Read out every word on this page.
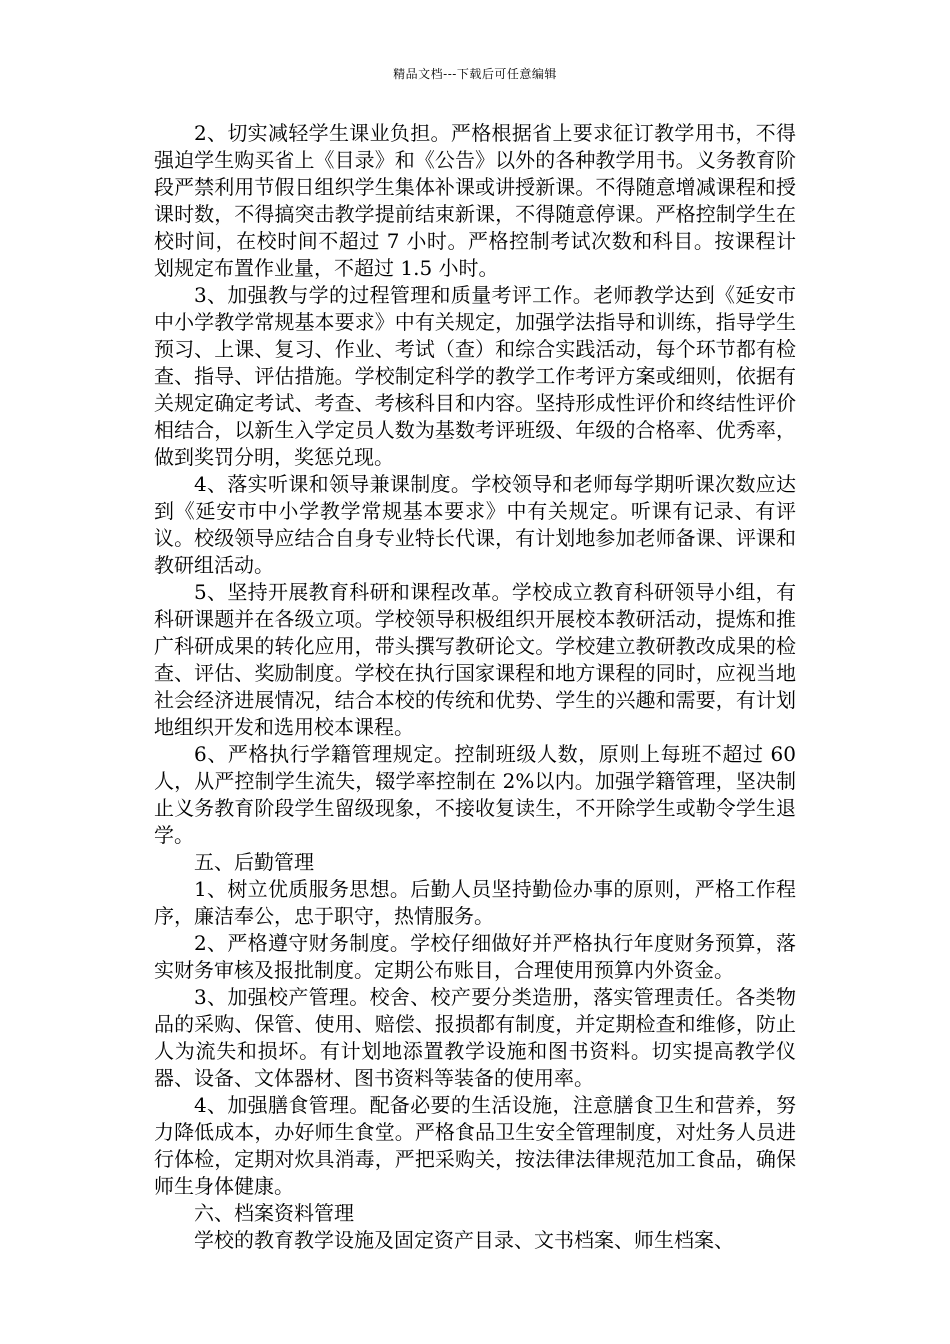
精品文档---下载后可任意编辑

2、切实减轻学生课业负担。严格根据省上要求征订教学用书，不得强迫学生购买省上《目录》和《公告》以外的各种教学用书。义务教育阶段严禁利用节假日组织学生集体补课或讲授新课。不得随意增减课程和授课时数，不得搞突击教学提前结束新课，不得随意停课。严格控制学生在校时间，在校时间不超过 7 小时。严格控制考试次数和科目。按课程计划规定布置作业量，不超过 1.5 小时。

3、加强教与学的过程管理和质量考评工作。老师教学达到《延安市中小学教学常规基本要求》中有关规定，加强学法指导和训练，指导学生预习、上课、复习、作业、考试（查）和综合实践活动，每个环节都有检查、指导、评估措施。学校制定科学的教学工作考评方案或细则，依据有关规定确定考试、考查、考核科目和内容。坚持形成性评价和终结性评价相结合，以新生入学定员人数为基数考评班级、年级的合格率、优秀率，做到奖罚分明，奖惩兑现。

4、落实听课和领导兼课制度。学校领导和老师每学期听课次数应达到《延安市中小学教学常规基本要求》中有关规定。听课有记录、有评议。校级领导应结合自身专业特长代课，有计划地参加老师备课、评课和教研组活动。

5、坚持开展教育科研和课程改革。学校成立教育科研领导小组，有科研课题并在各级立项。学校领导积极组织开展校本教研活动，提炼和推广科研成果的转化应用，带头撰写教研论文。学校建立教研教改成果的检查、评估、奖励制度。学校在执行国家课程和地方课程的同时，应视当地社会经济进展情况，结合本校的传统和优势、学生的兴趣和需要，有计划地组织开发和选用校本课程。

6、严格执行学籍管理规定。控制班级人数，原则上每班不超过 60 人，从严控制学生流失，辍学率控制在 2%以内。加强学籍管理，坚决制止义务教育阶段学生留级现象，不接收复读生，不开除学生或勒令学生退学。

五、后勤管理

1、树立优质服务思想。后勤人员坚持勤俭办事的原则，严格工作程序，廉洁奉公，忠于职守，热情服务。

2、严格遵守财务制度。学校仔细做好并严格执行年度财务预算，落实财务审核及报批制度。定期公布账目，合理使用预算内外资金。

3、加强校产管理。校舍、校产要分类造册，落实管理责任。各类物品的采购、保管、使用、赔偿、报损都有制度，并定期检查和维修，防止人为流失和损坏。有计划地添置教学设施和图书资料。切实提高教学仪器、设备、文体器材、图书资料等装备的使用率。

4、加强膳食管理。配备必要的生活设施，注意膳食卫生和营养，努力降低成本，办好师生食堂。严格食品卫生安全管理制度，对灶务人员进行体检，定期对炊具消毒，严把采购关，按法律法律规范加工食品，确保师生身体健康。

六、档案资料管理

学校的教育教学设施及固定资产目录、文书档案、师生档案、
